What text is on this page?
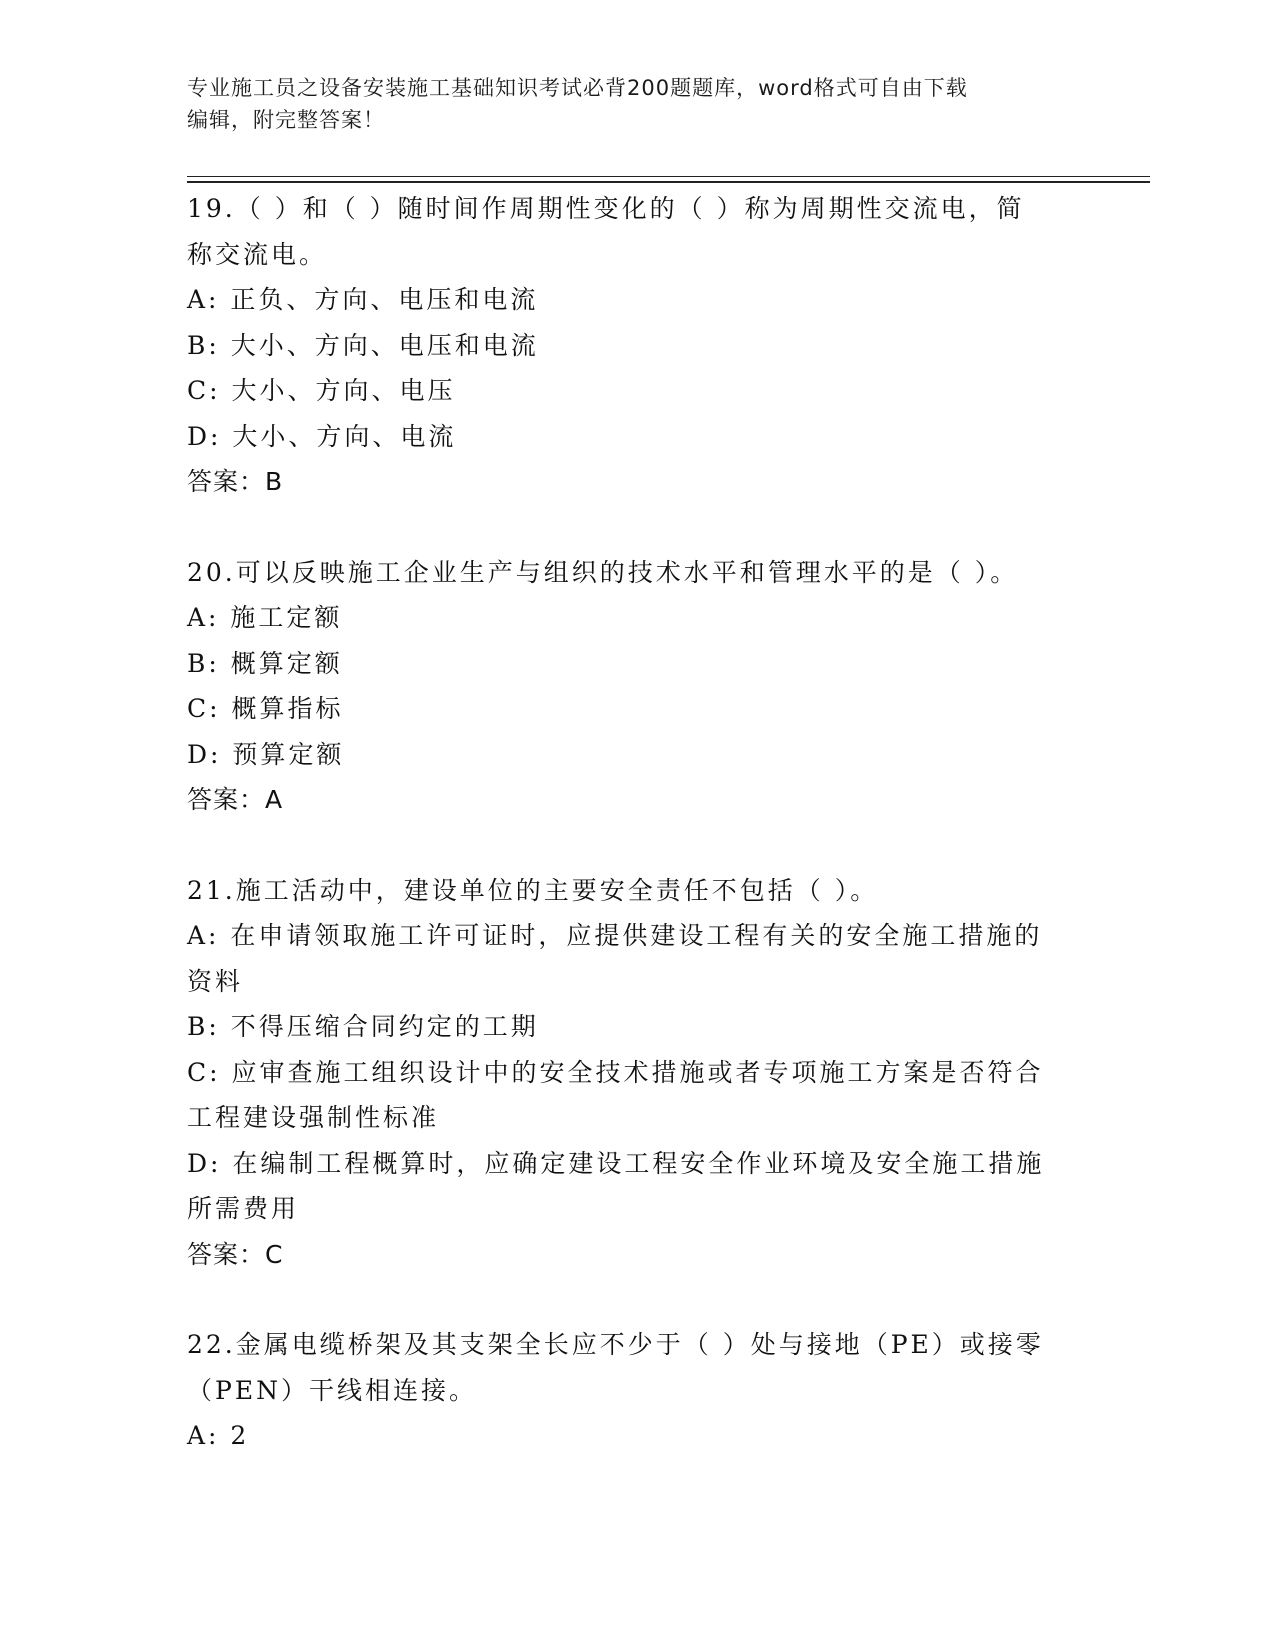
专业施工员之设备安装施工基础知识考试必背200题题库，word格式可自由下载
编辑，附完整答案！
19.（ ）和（ ）随时间作周期性变化的（ ）称为周期性交流电，简
称交流电。
A: 正负、方向、电压和电流
B: 大小、方向、电压和电流
C: 大小、方向、电压
D: 大小、方向、电流
答案：B
20.可以反映施工企业生产与组织的技术水平和管理水平的是（ ）。
A: 施工定额
B: 概算定额
C: 概算指标
D: 预算定额
答案：A
21.施工活动中，建设单位的主要安全责任不包括（ ）。
A: 在申请领取施工许可证时，应提供建设工程有关的安全施工措施的
资料
B: 不得压缩合同约定的工期
C: 应审查施工组织设计中的安全技术措施或者专项施工方案是否符合
工程建设强制性标准
D: 在编制工程概算时，应确定建设工程安全作业环境及安全施工措施
所需费用
答案：C
22.金属电缆桥架及其支架全长应不少于（ ）处与接地（PE）或接零
（PEN）干线相连接。
A: 2
